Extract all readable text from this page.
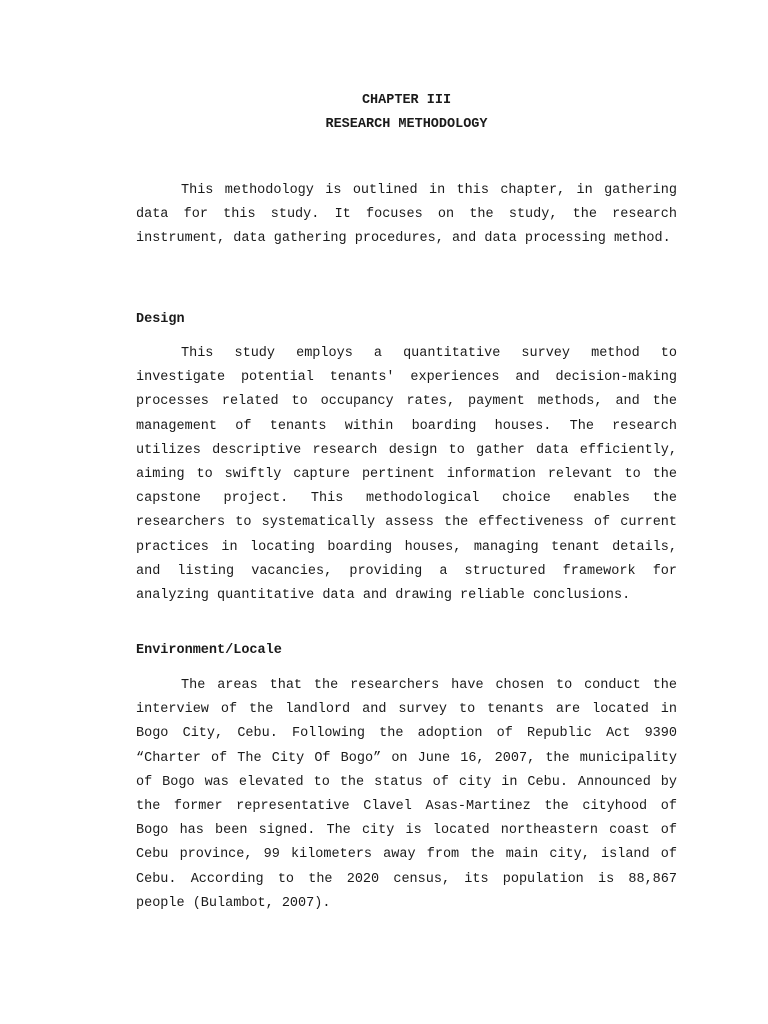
CHAPTER III
RESEARCH METHODOLOGY

This methodology is outlined in this chapter, in gathering data for this study. It focuses on the study, the research instrument, data gathering procedures, and data processing method.

Design

This study employs a quantitative survey method to investigate potential tenants' experiences and decision-making processes related to occupancy rates, payment methods, and the management of tenants within boarding houses. The research utilizes descriptive research design to gather data efficiently, aiming to swiftly capture pertinent information relevant to the capstone project. This methodological choice enables the researchers to systematically assess the effectiveness of current practices in locating boarding houses, managing tenant details, and listing vacancies, providing a structured framework for analyzing quantitative data and drawing reliable conclusions.

Environment/Locale

The areas that the researchers have chosen to conduct the interview of the landlord and survey to tenants are located in Bogo City, Cebu. Following the adoption of Republic Act 9390 “Charter of The City Of Bogo” on June 16, 2007, the municipality of Bogo was elevated to the status of city in Cebu. Announced by the former representative Clavel Asas-Martinez the cityhood of Bogo has been signed. The city is located northeastern coast of Cebu province, 99 kilometers away from the main city, island of Cebu. According to the 2020 census, its population is 88,867 people (Bulambot, 2007).
